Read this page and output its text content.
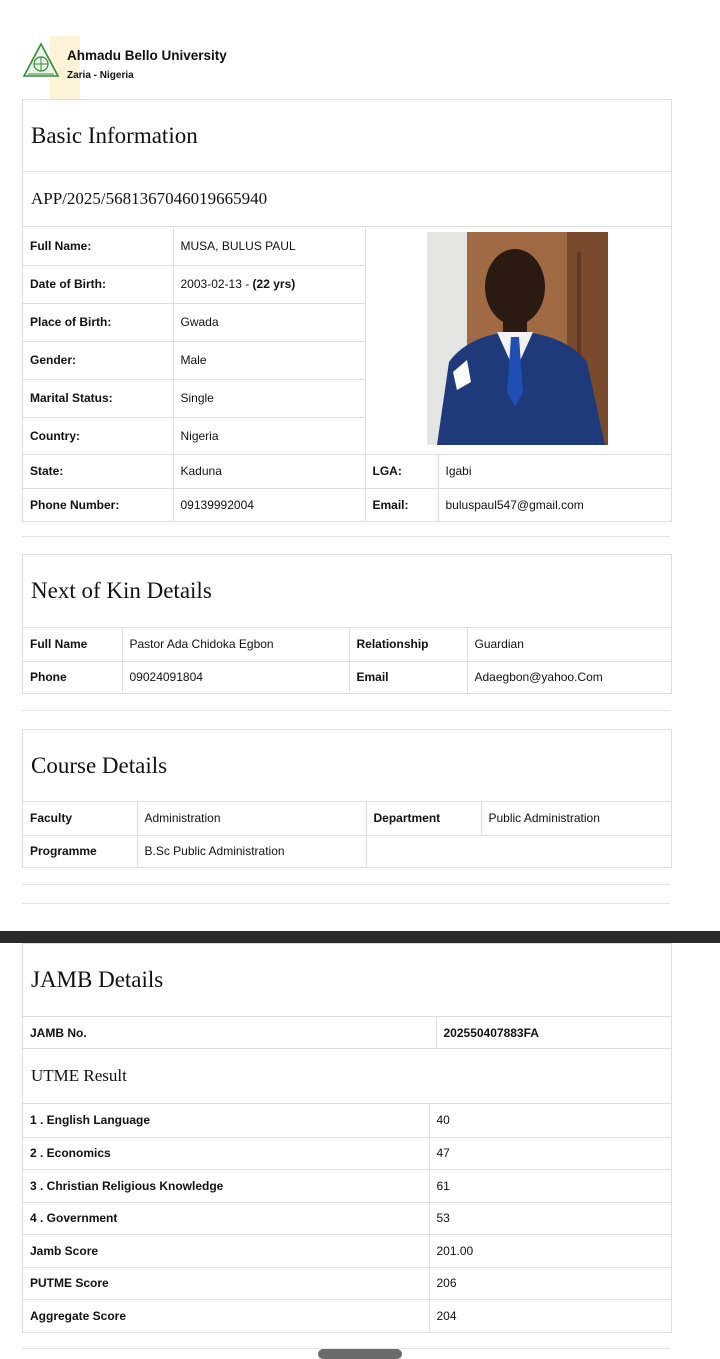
Ahmadu Bello University
Zaria - Nigeria
Basic Information
APP/2025/5681367046019665940
Full Name:	MUSA, BULUS PAUL		
Date of Birth:	2003-02-13 - (22 yrs)		
Place of Birth:	Gwada		
Gender:	Male		
Marital Status:	Single		
Country:	Nigeria		
State:	Kaduna	LGA:	Igabi
Phone Number:	09139992004	Email:	buluspaul547@gmail.com
Next of Kin Details
Full Name	Pastor Ada Chidoka Egbon	Relationship	Guardian
Phone	09024091804	Email	Adaegbon@yahoo.Com
Course Details
Faculty	Administration	Department	Public Administration
Programme	B.Sc Public Administration		
JAMB Details
JAMB No.	202550407883FA
UTME Result
1 . English Language	40
2 . Economics	47
3 . Christian Religious Knowledge	61
4 . Government	53
Jamb Score	201.00
PUTME Score	206
Aggregate Score	204
